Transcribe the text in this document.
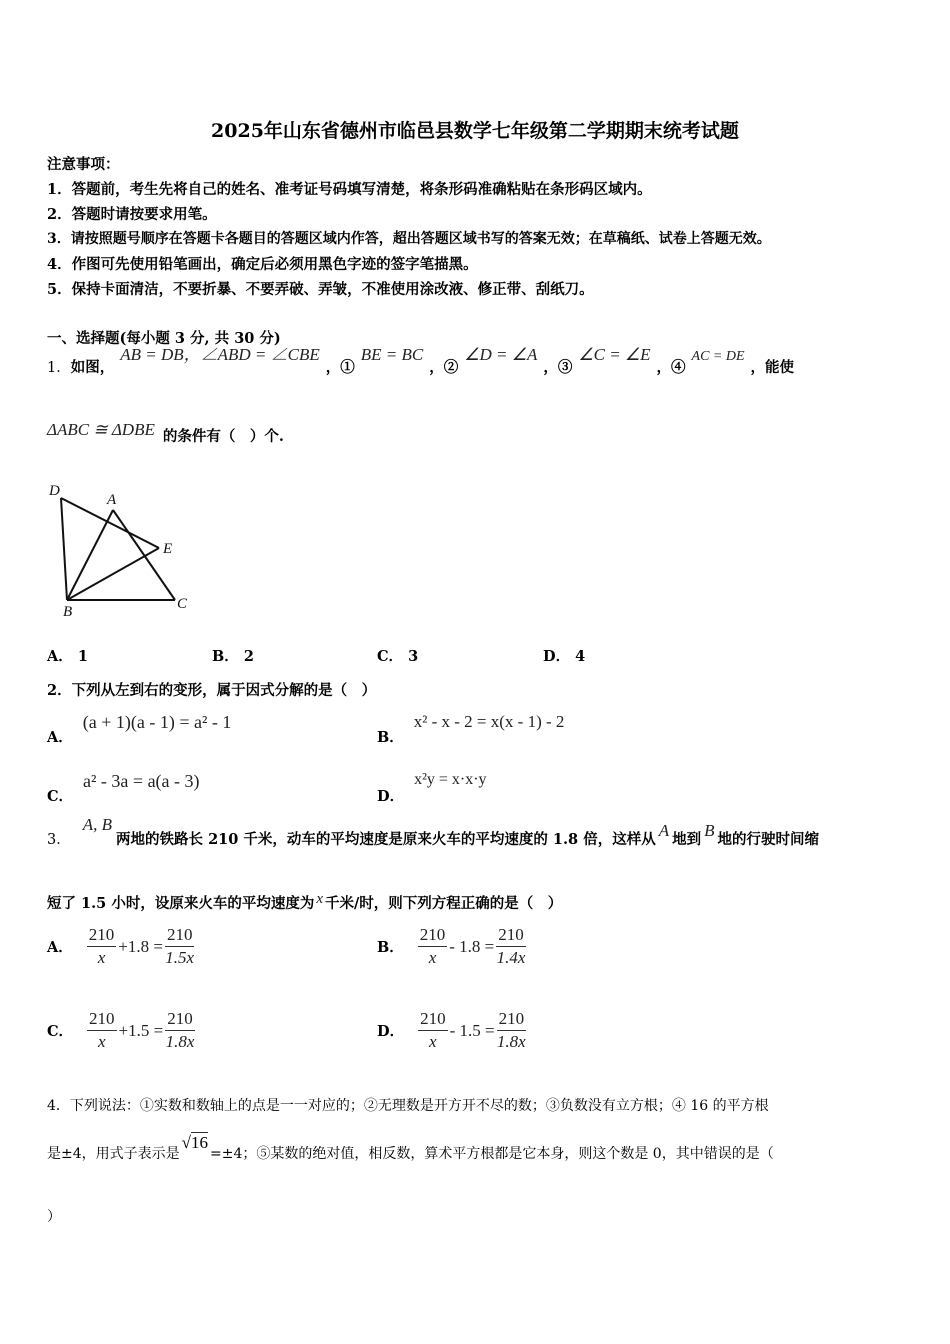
2025年山东省德州市临邑县数学七年级第二学期期末统考试题
注意事项：
1．答题前，考生先将自己的姓名、准考证号码填写清楚，将条形码准确粘贴在条形码区域内。
2．答题时请按要求用笔。
3．请按照题号顺序在答题卡各题目的答题区域内作答，超出答题区域书写的答案无效；在草稿纸、试卷上答题无效。
4．作图可先使用铅笔画出，确定后必须用黑色字迹的签字笔描黑。
5．保持卡面清洁，不要折暴、不要弄破、弄皱，不准使用涂改液、修正带、刮纸刀。
一、选择题(每小题 3 分, 共 30 分)
1． 如图，
AB = DB，∠ABD = ∠CBE
，①
BE = BC
，②
∠D = ∠A
，③
∠C = ∠E
，④
AC = DE
，能使
ΔABC ≅ ΔDBE 的条件有（　）个.
D
A
E
B	C
A． 1	B． 2	C． 3	D． 4
2．下列从左到右的变形，属于因式分解的是（　）
A．
(a + 1)(a - 1) = a² - 1
B．
x² - x - 2 = x(x - 1) - 2
C．
a² - 3a = a(a - 3)
D．
x²y = x·x·y
3．
A, B
两地的铁路长 210 千米，动车的平均速度是原来火车的平均速度的 1.8 倍，这样从 A 地到 B 地的行驶时间缩
短了 1.5 小时，设原来火车的平均速度为 x 千米/时，则下列方程正确的是（　）
A． $\frac{210}{x} +1.8 = \frac{210}{1.5x}$	B． $\frac{210}{x} - 1.8 = \frac{210}{1.4x}$
C． $\frac{210}{x} +1.5 = \frac{210}{1.8x}$	D． $\frac{210}{x} - 1.5 = \frac{210}{1.8x}$
4．下列说法：①实数和数轴上的点是一一对应的；②无理数是开方开不尽的数；③负数没有立方根；④ 16 的平方根
是±4，用式子表示是
√16
=±4；⑤某数的绝对值，相反数，算术平方根都是它本身，则这个数是 0，其中错误的是（
）
